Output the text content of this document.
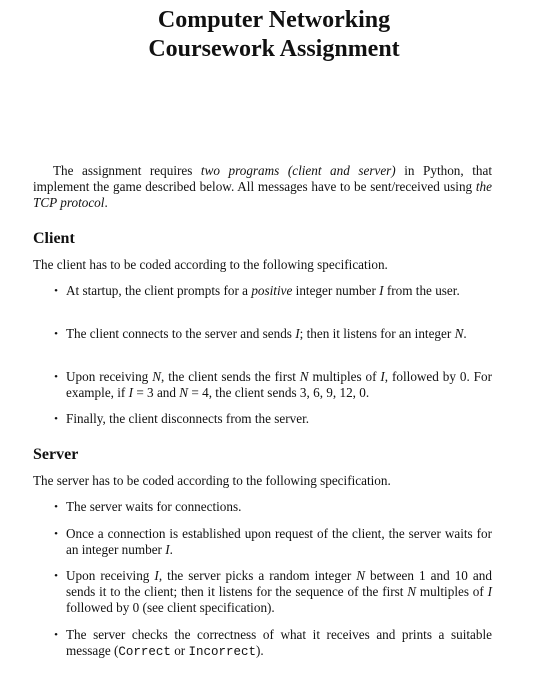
Computer Networking
Coursework Assignment

The assignment requires two programs (client and server) in Python, that implement the game described below. All messages have to be sent/received using the TCP protocol.

Client

The client has to be coded according to the following specification.

• At startup, the client prompts for a positive integer number I from the user.

• The client connects to the server and sends I; then it listens for an integer N.

• Upon receiving N, the client sends the first N multiples of I, followed by 0. For example, if I = 3 and N = 4, the client sends 3, 6, 9, 12, 0.

• Finally, the client disconnects from the server.

Server

The server has to be coded according to the following specification.

• The server waits for connections.

• Once a connection is established upon request of the client, the server waits for an integer number I.

• Upon receiving I, the server picks a random integer N between 1 and 10 and sends it to the client; then it listens for the sequence of the first N multiples of I followed by 0 (see client specification).

• The server checks the correctness of what it receives and prints a suitable message (Correct or Incorrect).
